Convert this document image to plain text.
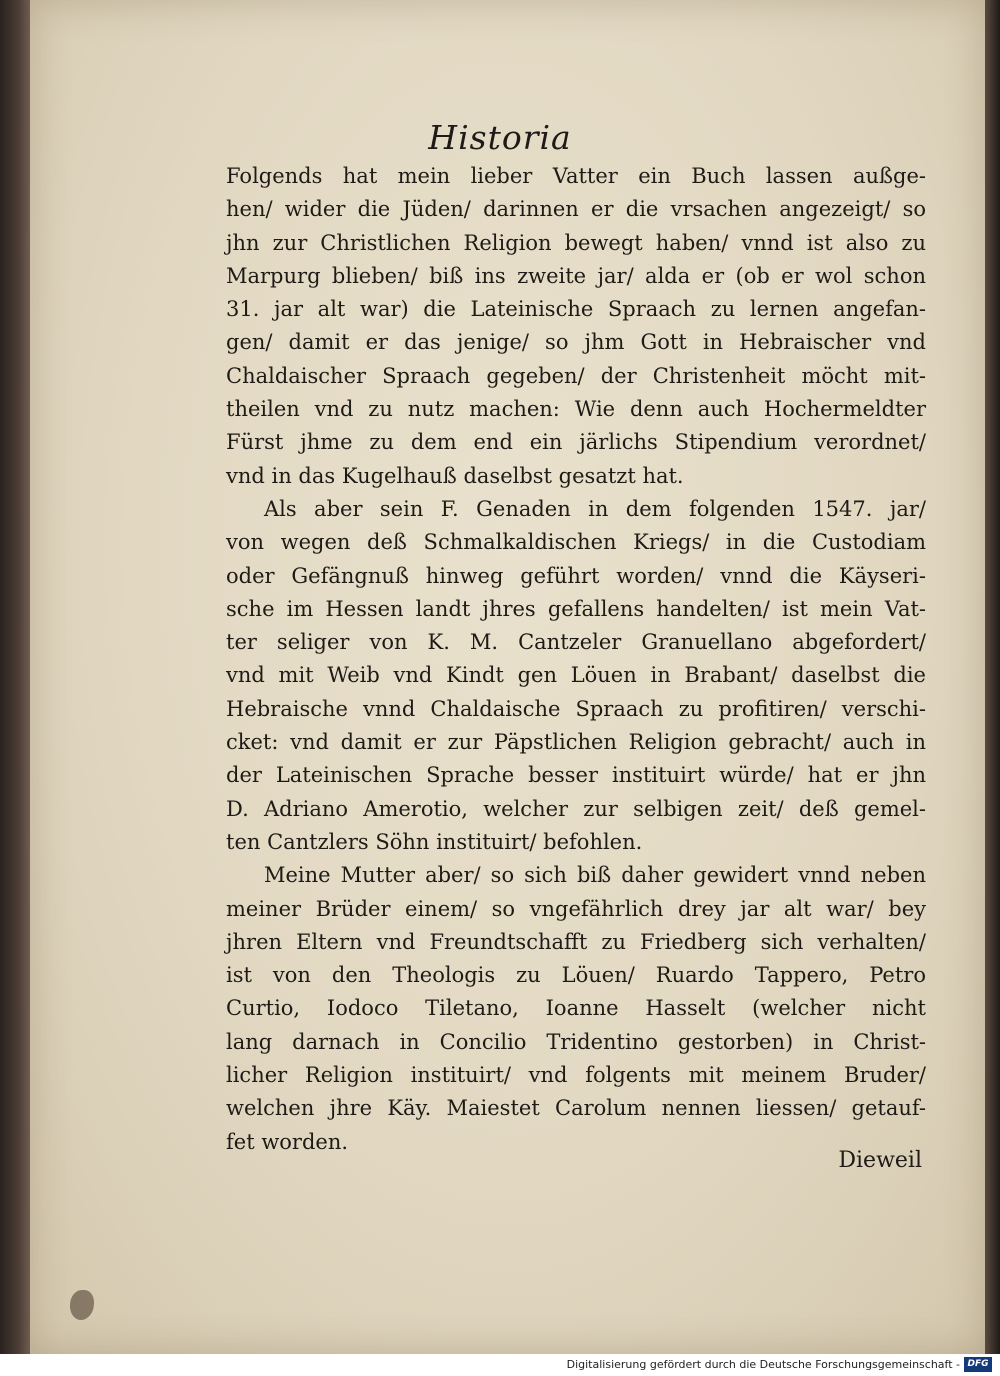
Historia
Folgends hat mein lieber Vatter ein Buch lassen außge-
hen/ wider die Jüden/ darinnen er die vrsachen angezeigt/ so
jhn zur Christlichen Religion bewegt haben/ vnnd ist also zu
Marpurg blieben/ biß ins zweite jar/ alda er (ob er wol schon
31. jar alt war) die Lateinische Spraach zu lernen angefan-
gen/ damit er das jenige/ so jhm Gott in Hebraischer vnd
Chaldaischer Spraach gegeben/ der Christenheit möcht mit-
theilen vnd zu nutz machen: Wie denn auch Hochermeldter
Fürst jhme zu dem end ein järlichs Stipendium verordnet/
vnd in das Kugelhauß daselbst gesatzt hat.
Als aber sein F. Genaden in dem folgenden 1547. jar/
von wegen deß Schmalkaldischen Kriegs/ in die Custodiam
oder Gefängnuß hinweg geführt worden/ vnnd die Käyseri-
sche im Hessen landt jhres gefallens handelten/ ist mein Vat-
ter seliger von K. M. Cantzeler Granuellano abgefordert/
vnd mit Weib vnd Kindt gen Löuen in Brabant/ daselbst die
Hebraische vnnd Chaldaische Spraach zu profitiren/ verschi-
cket: vnd damit er zur Päpstlichen Religion gebracht/ auch in
der Lateinischen Sprache besser instituirt würde/ hat er jhn
D. Adriano Amerotio, welcher zur selbigen zeit/ deß gemel-
ten Cantzlers Söhn instituirt/ befohlen.
Meine Mutter aber/ so sich biß daher gewidert vnnd neben
meiner Brüder einem/ so vngefährlich drey jar alt war/ bey
jhren Eltern vnd Freundtschafft zu Friedberg sich verhalten/
ist von den Theologis zu Löuen/ Ruardo Tappero, Petro
Curtio, Iodoco Tiletano, Ioanne Hasselt (welcher nicht
lang darnach in Concilio Tridentino gestorben) in Christ-
licher Religion instituirt/ vnd folgents mit meinem Bruder/
welchen jhre Käy. Maiestet Carolum nennen liessen/ getauf-
fet worden.
Dieweil
Digitalisierung gefördert durch die Deutsche Forschungsgemeinschaft - DFG
